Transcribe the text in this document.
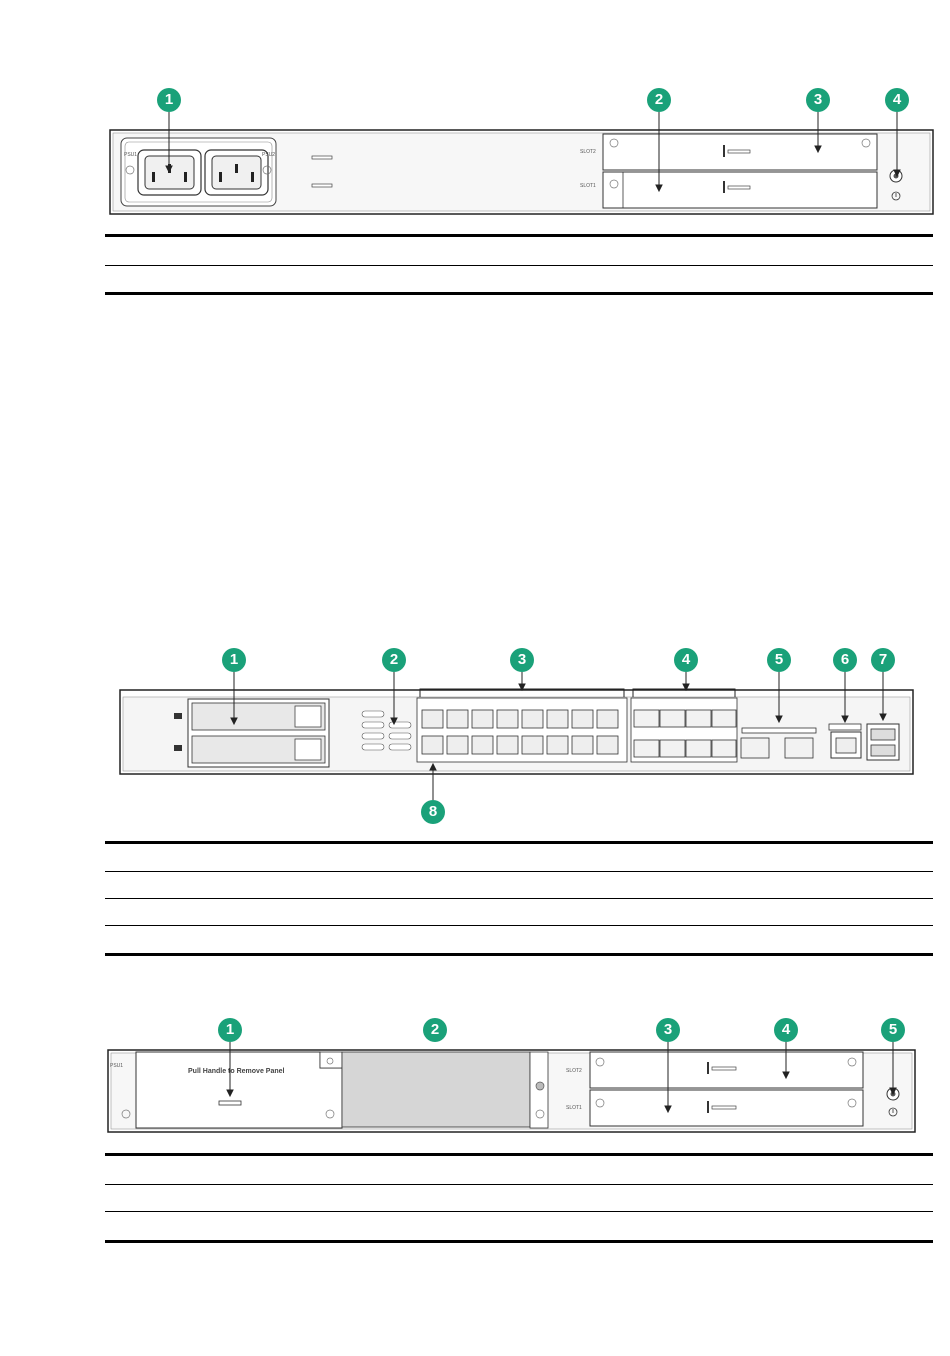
PSU1	PSU2	SLOT2
SLOT1
1	2	3	4
1	2	3	4	5	6	7
8
Pull Handle to Remove Panel
PSU1
SLOT2
SLOT1
1	2	3	4	5
